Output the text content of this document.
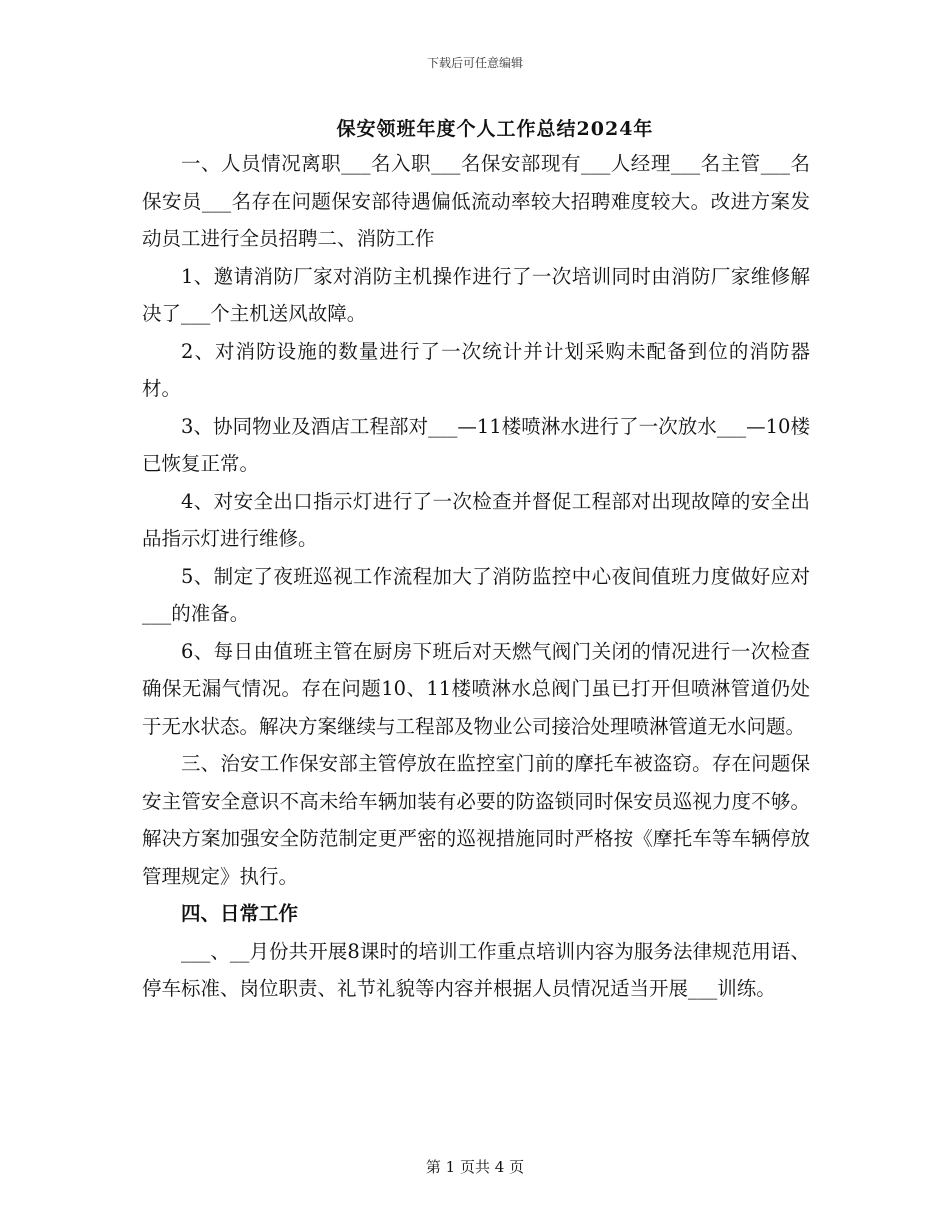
下载后可任意编辑
保安领班年度个人工作总结2024年

一、人员情况离职___名入职___名保安部现有___人经理___名主管___名保安员___名存在问题保安部待遇偏低流动率较大招聘难度较大。改进方案发动员工进行全员招聘二、消防工作

1、邀请消防厂家对消防主机操作进行了一次培训同时由消防厂家维修解决了___个主机送风故障。

2、对消防设施的数量进行了一次统计并计划采购未配备到位的消防器材。

3、协同物业及酒店工程部对___—11楼喷淋水进行了一次放水___—10楼已恢复正常。

4、对安全出口指示灯进行了一次检查并督促工程部对出现故障的安全出品指示灯进行维修。

5、制定了夜班巡视工作流程加大了消防监控中心夜间值班力度做好应对___的准备。

6、每日由值班主管在厨房下班后对天燃气阀门关闭的情况进行一次检查确保无漏气情况。存在问题10、11楼喷淋水总阀门虽已打开但喷淋管道仍处于无水状态。解决方案继续与工程部及物业公司接洽处理喷淋管道无水问题。

三、治安工作保安部主管停放在监控室门前的摩托车被盗窃。存在问题保安主管安全意识不高未给车辆加装有必要的防盗锁同时保安员巡视力度不够。解决方案加强安全防范制定更严密的巡视措施同时严格按《摩托车等车辆停放管理规定》执行。

四、日常工作

___、__月份共开展8课时的培训工作重点培训内容为服务法律规范用语、停车标准、岗位职责、礼节礼貌等内容并根据人员情况适当开展___训练。

第 1 页共 4 页
